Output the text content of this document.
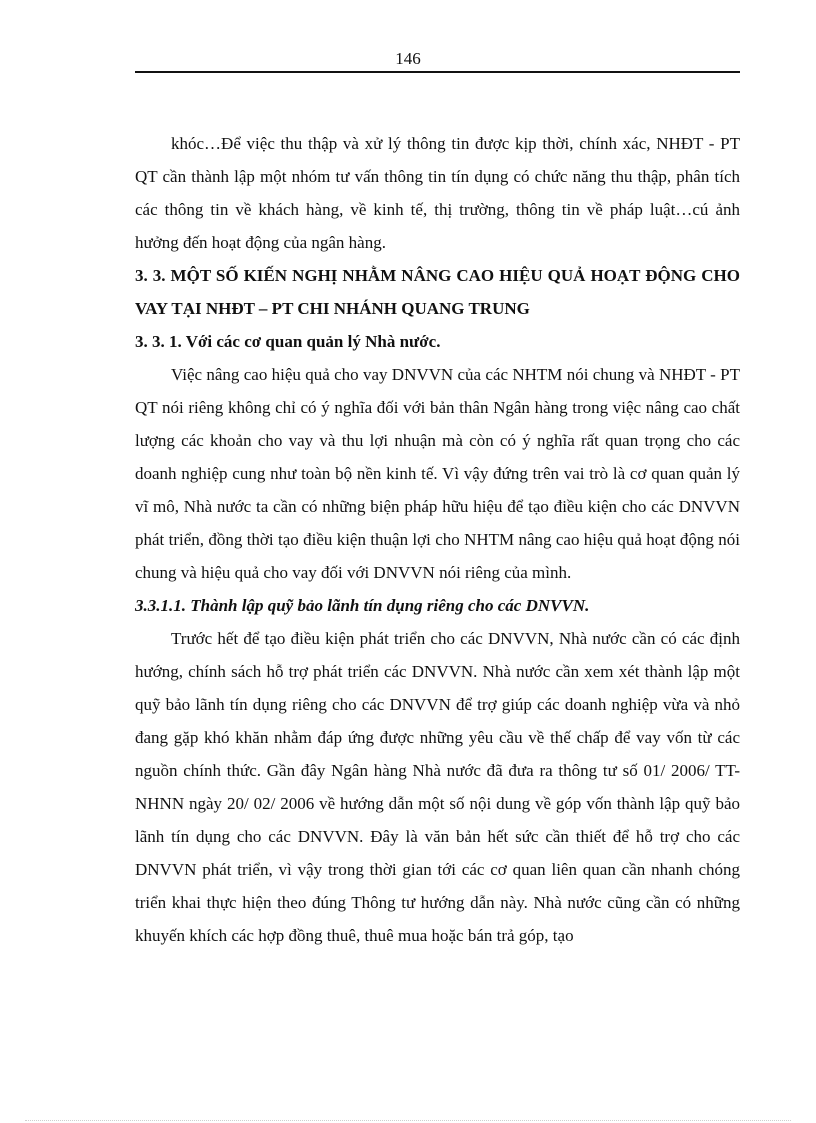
146

khóc…Để việc thu thập và xử lý thông tin được kịp thời, chính xác, NHĐT - PT QT cần thành lập một nhóm tư vấn thông tin tín dụng có chức năng thu thập, phân tích các thông tin về khách hàng, về kinh tế, thị trường, thông tin về pháp luật…cú ảnh hưởng đến hoạt động của ngân hàng.

3. 3. MỘT SỐ KIẾN NGHỊ NHẰM NÂNG CAO HIỆU QUẢ HOẠT ĐỘNG CHO VAY TẠI NHĐT – PT CHI NHÁNH QUANG TRUNG

3. 3. 1. Với các cơ quan quản lý Nhà nước.

Việc nâng cao hiệu quả cho vay DNVVN của các NHTM nói chung và NHĐT - PT QT nói riêng không chỉ có ý nghĩa đối với bản thân Ngân hàng trong việc nâng cao chất lượng các khoản cho vay và thu lợi nhuận mà còn có ý nghĩa rất quan trọng cho các doanh nghiệp cung như toàn bộ nền kinh tế. Vì vậy đứng trên vai trò là cơ quan quản lý vĩ mô, Nhà nước ta cần có những biện pháp hữu hiệu để tạo điều kiện cho các DNVVN phát triển, đồng thời tạo điều kiện thuận lợi cho NHTM nâng cao hiệu quả hoạt động nói chung và hiệu quả cho vay đối với DNVVN nói riêng của mình.

3.3.1.1. Thành lập quỹ bảo lãnh tín dụng riêng cho các DNVVN.

Trước hết để tạo điều kiện phát triển cho các DNVVN, Nhà nước cần có các định hướng, chính sách hỗ trợ phát triển các DNVVN. Nhà nước cần xem xét thành lập một quỹ bảo lãnh tín dụng riêng cho các DNVVN để trợ giúp các doanh nghiệp vừa và nhỏ đang gặp khó khăn nhằm đáp ứng được những yêu cầu về thế chấp để vay vốn từ các nguồn chính thức. Gần đây Ngân hàng Nhà nước đã đưa ra thông tư số 01/ 2006/ TT-NHNN ngày 20/ 02/ 2006 về hướng dẫn một số nội dung về góp vốn thành lập quỹ bảo lãnh tín dụng cho các DNVVN. Đây là văn bản hết sức cần thiết để hỗ trợ cho các DNVVN phát triển, vì vậy trong thời gian tới các cơ quan liên quan cần nhanh chóng triển khai thực hiện theo đúng Thông tư hướng dẫn này. Nhà nước cũng cần có những khuyến khích các hợp đồng thuê, thuê mua hoặc bán trả góp, tạo
